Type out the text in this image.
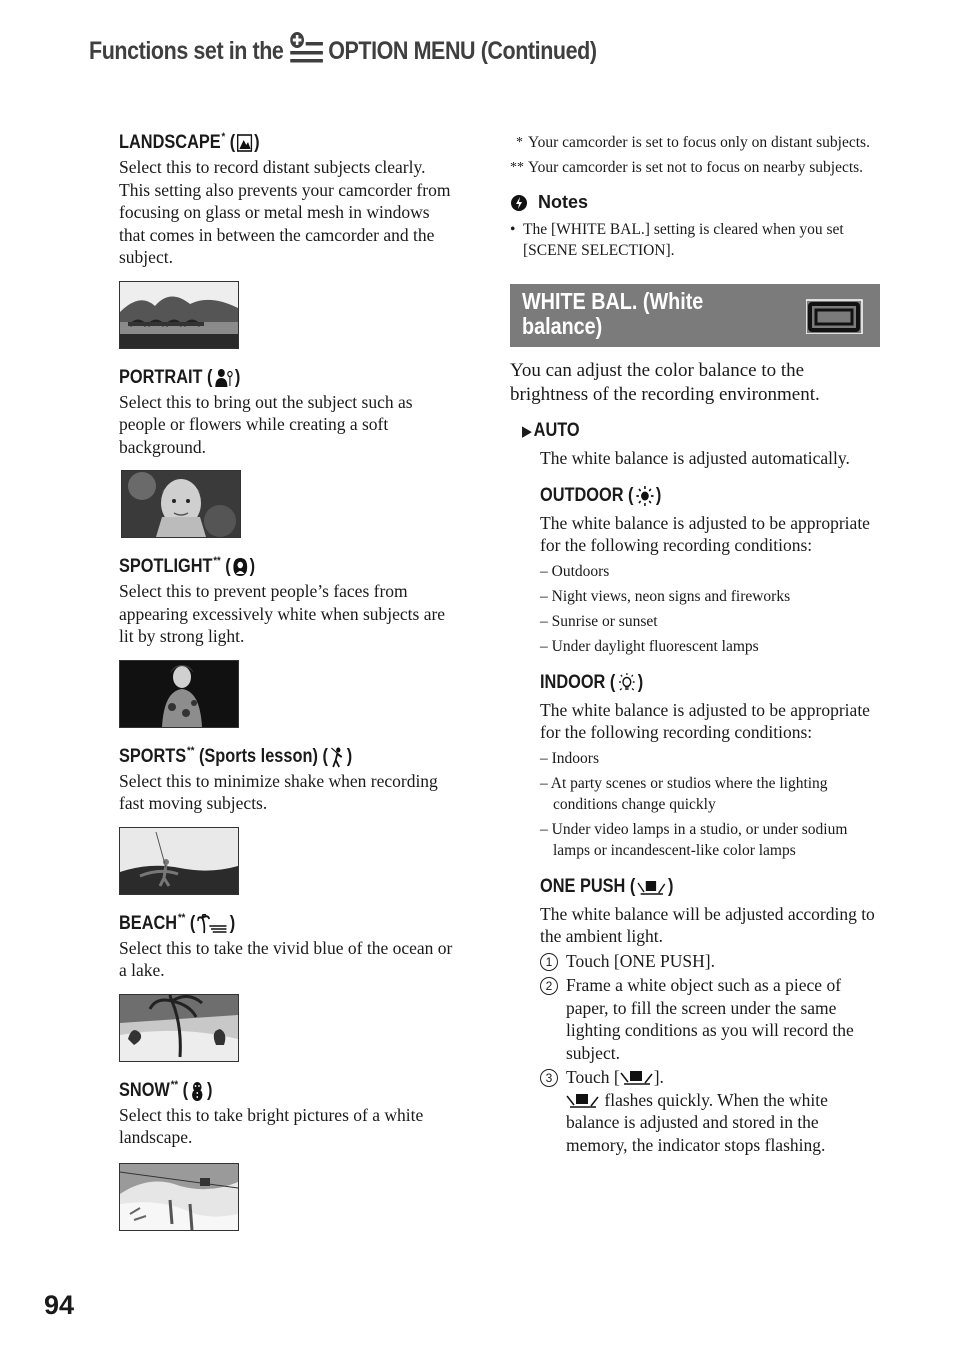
Functions set in the OPTION MENU (Continued)
LANDSCAPE* ( )
Select this to record distant subjects clearly. This setting also prevents your camcorder from focusing on glass or metal mesh in windows that comes in between the camcorder and the subject.
PORTRAIT ( )
Select this to bring out the subject such as people or flowers while creating a soft background.
SPOTLIGHT** ( )
Select this to prevent people’s faces from appearing excessively white when subjects are lit by strong light.
SPORTS**
(Sports lesson) ( )
Select this to minimize shake when recording fast moving subjects.
BEACH** ( )
Select this to take the vivid blue of the ocean or a lake.
SNOW** ( )
Select this to take bright pictures of a white landscape.
* Your camcorder is set to focus only on distant subjects.
** Your camcorder is set not to focus on nearby subjects.
Notes
• The [WHITE BAL.] setting is cleared when you set [SCENE SELECTION].
WHITE BAL. (White balance)
You can adjust the color balance to the brightness of the recording environment.
▶ AUTO
The white balance is adjusted automatically.
OUTDOOR ( )
The white balance is adjusted to be appropriate for the following recording conditions:
– Outdoors
– Night views, neon signs and fireworks
– Sunrise or sunset
– Under daylight fluorescent lamps
INDOOR ( )
The white balance is adjusted to be appropriate for the following recording conditions:
– Indoors
– At party scenes or studios where the lighting conditions change quickly
– Under video lamps in a studio, or under sodium lamps or incandescent-like color lamps
ONE PUSH ( )
The white balance will be adjusted according to the ambient light.
1 Touch [ONE PUSH].
2 Frame a white object such as a piece of paper, to fill the screen under the same lighting conditions as you will record the subject.
3 Touch [ ].
flashes quickly. When the white balance is adjusted and stored in the memory, the indicator stops flashing.
94
